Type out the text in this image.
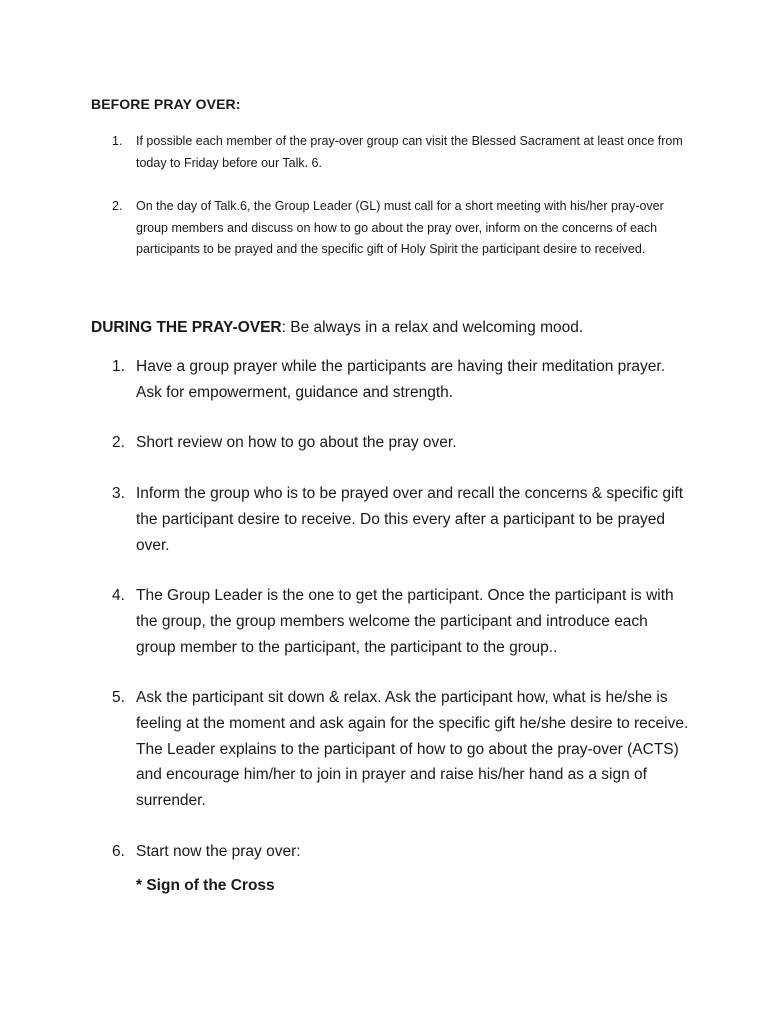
BEFORE PRAY OVER:
1. If possible each member of the pray-over group can visit the Blessed Sacrament at least once from today to Friday before our Talk. 6.
2. On the day of Talk.6, the Group Leader (GL) must call for a short meeting with his/her pray-over group members and discuss on how to go about the pray over, inform on the concerns of each participants to be prayed and the specific gift of Holy Spirit the participant desire to received.
DURING THE PRAY-OVER: Be always in a relax and welcoming mood.
1. Have a group prayer while the participants are having their meditation prayer. Ask for empowerment, guidance and strength.
2. Short review on how to go about the pray over.
3. Inform the group who is to be prayed over and recall the concerns & specific gift the participant desire to receive. Do this every after a participant to be prayed over.
4. The Group Leader is the one to get the participant. Once the participant is with the group, the group members welcome the participant and introduce each group member to the participant, the participant to the group..
5. Ask the participant sit down & relax. Ask the participant how, what is he/she is feeling at the moment and ask again for the specific gift he/she desire to receive. The Leader explains to the participant of how to go about the pray-over (ACTS) and encourage him/her to join in prayer and raise his/her hand as a sign of surrender.
6. Start now the pray over:
* Sign of the Cross
